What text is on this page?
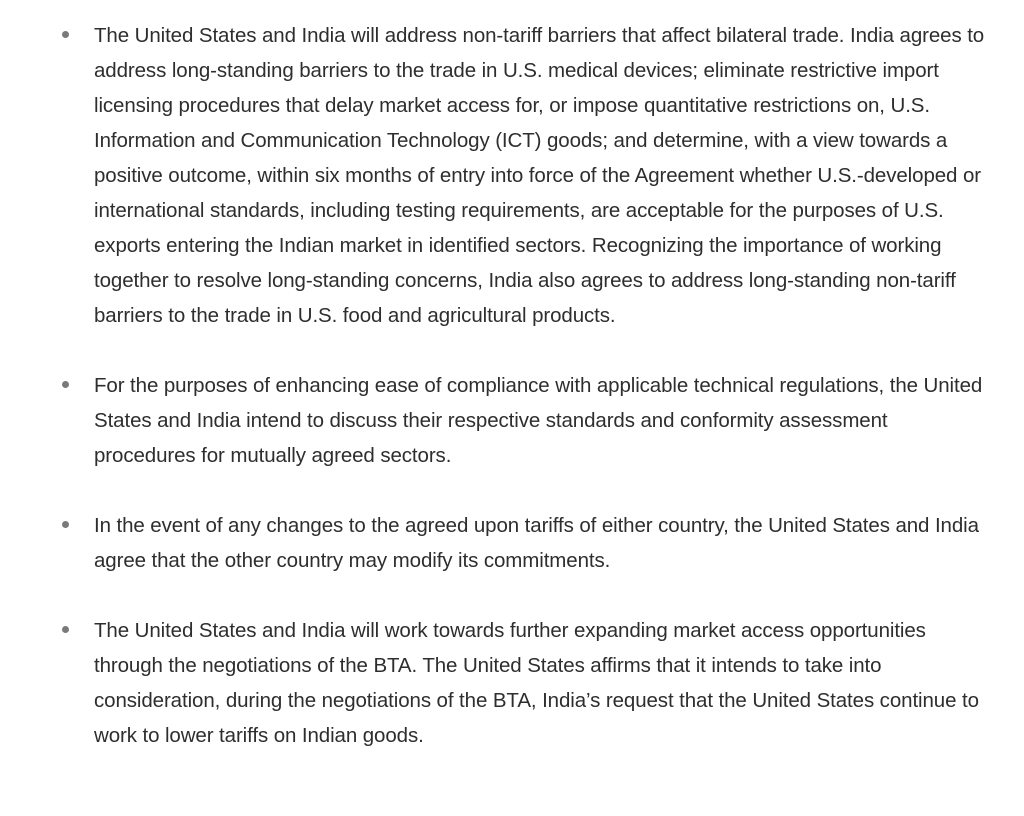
The United States and India will address non-tariff barriers that affect bilateral trade. India agrees to address long-standing barriers to the trade in U.S. medical devices; eliminate restrictive import licensing procedures that delay market access for, or impose quantitative restrictions on, U.S. Information and Communication Technology (ICT) goods; and determine, with a view towards a positive outcome, within six months of entry into force of the Agreement whether U.S.-developed or international standards, including testing requirements, are acceptable for the purposes of U.S. exports entering the Indian market in identified sectors. Recognizing the importance of working together to resolve long-standing concerns, India also agrees to address long-standing non-tariff barriers to the trade in U.S. food and agricultural products.
For the purposes of enhancing ease of compliance with applicable technical regulations, the United States and India intend to discuss their respective standards and conformity assessment procedures for mutually agreed sectors.
In the event of any changes to the agreed upon tariffs of either country, the United States and India agree that the other country may modify its commitments.
The United States and India will work towards further expanding market access opportunities through the negotiations of the BTA. The United States affirms that it intends to take into consideration, during the negotiations of the BTA, India’s request that the United States continue to work to lower tariffs on Indian goods.
